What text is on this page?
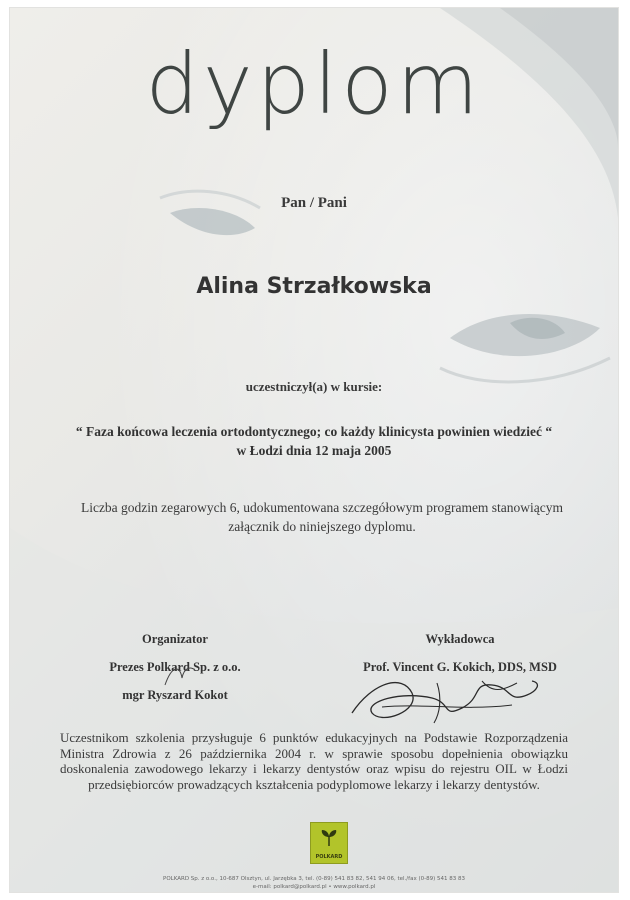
dyplom
Pan / Pani
Alina Strzałkowska
uczestniczył(a) w kursie:
“ Faza końcowa leczenia ortodontycznego; co każdy klinicysta powinien wiedzieć “
w Łodzi dnia 12 maja 2005
Liczba godzin zegarowych 6, udokumentowana szczegółowym programem stanowiącym załącznik do niniejszego dyplomu.
Organizator
Prezes Polkard Sp. z o.o.
mgr Ryszard Kokot
Wykładowca
Prof. Vincent G. Kokich, DDS, MSD
Uczestnikom szkolenia przysługuje 6 punktów edukacyjnych na Podstawie Rozporządzenia Ministra Zdrowia z 26 października 2004 r. w sprawie sposobu dopełnienia obowiązku doskonalenia zawodowego lekarzy i lekarzy dentystów oraz wpisu do rejestru OIL w Łodzi przedsiębiorców prowadzących kształcenia podyplomowe lekarzy i lekarzy dentystów.
POLKARD
POLKARD Sp. z o.o., 10-687 Olsztyn, ul. Jarzębka 3, tel. (0-89) 541 83 82, 541 94 06, tel./fax (0-89) 541 83 83
e-mail: polkard@polkard.pl • www.polkard.pl
